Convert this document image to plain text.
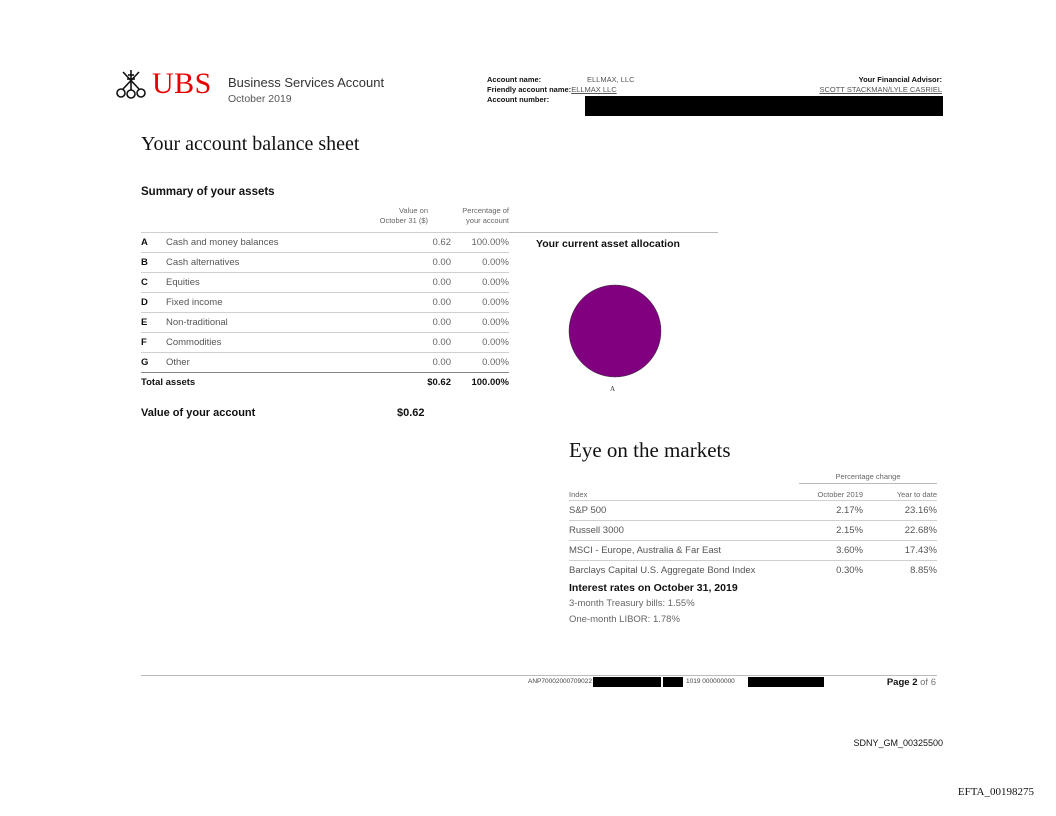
UBS Business Services Account
October 2019
Account name:	ELLMAX, LLC
Friendly account name:ELLMAX LLC
Account number:
Your Financial Advisor:
SCOTT STACKMAN/LYLE CASRIEL
Your account balance sheet
Summary of your assets
Value on
October 31 ($)
Percentage of
your account
A	Cash and money balances	0.62	100.00%
B	Cash alternatives	0.00	0.00%
C	Equities	0.00	0.00%
D	Fixed income	0.00	0.00%
E	Non-traditional	0.00	0.00%
F	Commodities	0.00	0.00%
G	Other	0.00	0.00%
Total assets	$0.62	100.00%
Your current asset allocation
A
Value of your account	$0.62
Eye on the markets
Percentage change
Index	October 2019	Year to date
S&P 500	2.17%	23.16%
Russell 3000	2.15%	22.68%
MSCI - Europe, Australia & Far East	3.60%	17.43%
Barclays Capital U.S. Aggregate Bond Index	0.30%	8.85%
Interest rates on October 31, 2019
3-month Treasury bills: 1.55%
One-month LIBOR: 1.78%
ANP70002000709022	1019 000000000	Page 2 of 6
SDNY_GM_00325500
EFTA_00198275
